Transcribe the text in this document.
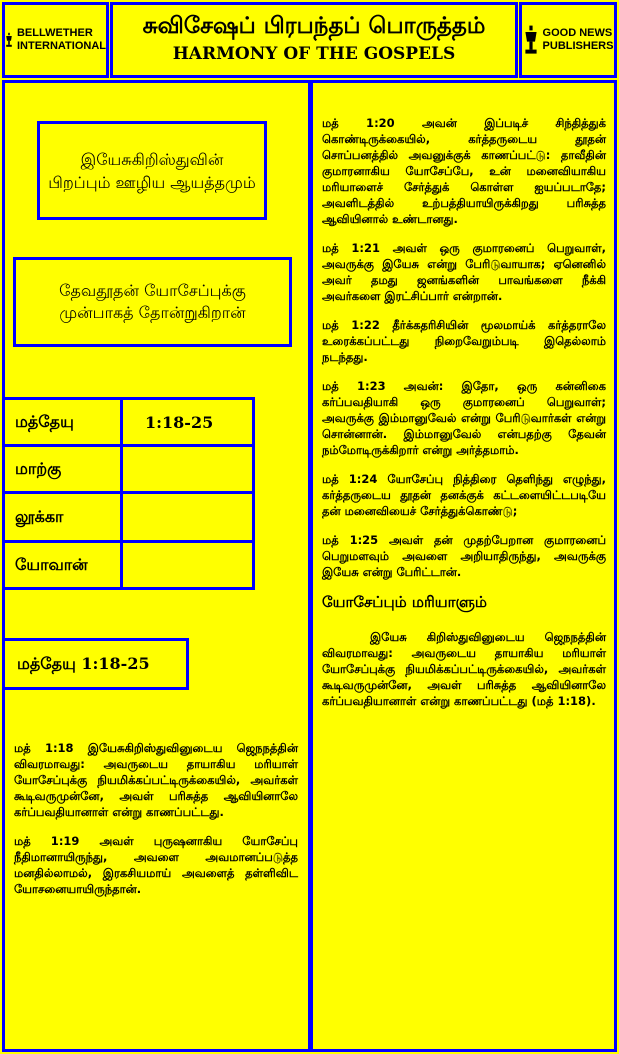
BELLWETHER
INTERNATIONAL
சுவிசேஷப் பிரபந்தப் பொருத்தம்
HARMONY OF THE GOSPELS
GOOD NEWS
PUBLISHERS
இயேசுகிறிஸ்துவின் பிறப்பும் ஊழிய ஆயத்தமும்
தேவதூதன் யோசேப்புக்கு முன்பாகத் தோன்றுகிறான்
மத்தேயு	1:18-25
மாற்கு
லூக்கா
யோவான்
மத்தேயு 1:18-25

மத் 1:18 இயேசுகிறிஸ்துவினுடைய ஜெநநத்தின் விவரமாவது: அவருடைய தாயாகிய மரியாள் யோசேப்புக்கு நியமிக்கப்பட்டிருக்கையில், அவர்கள் கூடிவருமுன்னே, அவள் பரிசுத்த ஆவியினாலே கர்ப்பவதியானாள் என்று காணப்பட்டது.

மத் 1:19 அவள் புருஷனாகிய யோசேப்பு நீதிமானாயிருந்து, அவளை அவமானப்படுத்த மனதில்லாமல், இரகசியமாய் அவளைத் தள்ளிவிட யோசனையாயிருந்தான்.

மத் 1:20 அவன் இப்படிச் சிந்தித்துக் கொண்டிருக்கையில், கர்த்தருடைய தூதன் சொப்பனத்தில் அவனுக்குக் காணப்பட்டு: தாவீதின் குமாரனாகிய யோசேப்பே, உன் மனைவியாகிய மரியாளைச் சேர்த்துக் கொள்ள ஐயப்படாதே; அவளிடத்தில் உற்பத்தியாயிருக்கிறது பரிசுத்த ஆவியினால் உண்டானது.

மத் 1:21 அவள் ஒரு குமாரனைப் பெறுவாள், அவருக்கு இயேசு என்று பேரிடுவாயாக; ஏனெனில் அவர் தமது ஜனங்களின் பாவங்களை நீக்கி அவர்களை இரட்சிப்பார் என்றான்.

மத் 1:22 தீர்க்கதரிசியின் மூலமாய்க் கர்த்தராலே உரைக்கப்பட்டது நிறைவேறும்படி இதெல்லாம் நடந்தது.

மத் 1:23 அவன்: இதோ, ஒரு கன்னிகை கர்ப்பவதியாகி ஒரு குமாரனைப் பெறுவாள்; அவருக்கு இம்மானுவேல் என்று பேரிடுவார்கள் என்று சொன்னான். இம்மானுவேல் என்பதற்கு தேவன் நம்மோடிருக்கிறார் என்று அர்த்தமாம்.

மத் 1:24 யோசேப்பு நித்திரை தெளிந்து எழுந்து, கர்த்தருடைய தூதன் தனக்குக் கட்டளையிட்டபடியே தன் மனைவியைச் சேர்த்துக்கொண்டு;

மத் 1:25 அவள் தன் முதற்பேறான குமாரனைப் பெறுமளவும் அவளை அறியாதிருந்து, அவருக்கு இயேசு என்று பேரிட்டான்.

யோசேப்பும் மரியாளும்

இயேசு கிறிஸ்துவினுடைய ஜெநநத்தின் விவரமாவது: அவருடைய தாயாகிய மரியாள் யோசேப்புக்கு நியமிக்கப்பட்டிருக்கையில், அவர்கள் கூடிவருமுன்னே, அவள் பரிசுத்த ஆவியினாலே கர்ப்பவதியானாள் என்று காணப்பட்டது (மத் 1:18).
